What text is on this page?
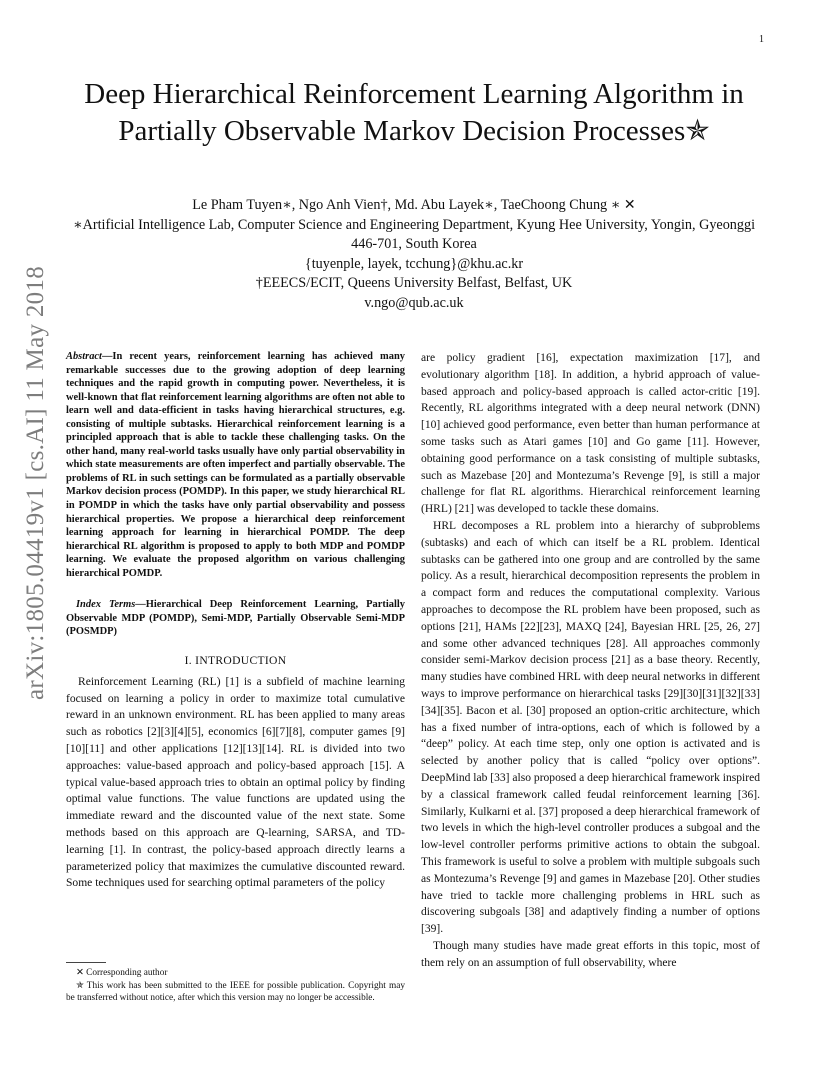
1
arXiv:1805.04419v1 [cs.AI] 11 May 2018
Deep Hierarchical Reinforcement Learning Algorithm in Partially Observable Markov Decision Processes✯
Le Pham Tuyen∗, Ngo Anh Vien†, Md. Abu Layek∗, TaeChoong Chung ∗ ✕
∗Artificial Intelligence Lab, Computer Science and Engineering Department, Kyung Hee University, Yongin, Gyeonggi 446-701, South Korea
{tuyenple, layek, tcchung}@khu.ac.kr
†EEECS/ECIT, Queens University Belfast, Belfast, UK
v.ngo@qub.ac.uk

Abstract—In recent years, reinforcement learning has achieved many remarkable successes due to the growing adoption of deep learning techniques and the rapid growth in computing power. Nevertheless, it is well-known that flat reinforcement learning algorithms are often not able to learn well and data-efficient in tasks having hierarchical structures, e.g. consisting of multiple subtasks. Hierarchical reinforcement learning is a principled approach that is able to tackle these challenging tasks. On the other hand, many real-world tasks usually have only partial observability in which state measurements are often imperfect and partially observable. The problems of RL in such settings can be formulated as a partially observable Markov decision process (POMDP). In this paper, we study hierarchical RL in POMDP in which the tasks have only partial observability and possess hierarchical properties. We propose a hierarchical deep reinforcement learning approach for learning in hierarchical POMDP. The deep hierarchical RL algorithm is proposed to apply to both MDP and POMDP learning. We evaluate the proposed algorithm on various challenging hierarchical POMDP.

Index Terms—Hierarchical Deep Reinforcement Learning, Partially Observable MDP (POMDP), Semi-MDP, Partially Observable Semi-MDP (POSMDP)

I. INTRODUCTION

Reinforcement Learning (RL) [1] is a subfield of machine learning focused on learning a policy in order to maximize total cumulative reward in an unknown environment. RL has been applied to many areas such as robotics [2][3][4][5], economics [6][7][8], computer games [9][10][11] and other applications [12][13][14]. RL is divided into two approaches: value-based approach and policy-based approach [15]. A typical value-based approach tries to obtain an optimal policy by finding optimal value functions. The value functions are updated using the immediate reward and the discounted value of the next state. Some methods based on this approach are Q-learning, SARSA, and TD-learning [1]. In contrast, the policy-based approach directly learns a parameterized policy that maximizes the cumulative discounted reward. Some techniques used for searching optimal parameters of the policy

✕ Corresponding author

✯ This work has been submitted to the IEEE for possible publication. Copyright may be transferred without notice, after which this version may no longer be accessible.

are policy gradient [16], expectation maximization [17], and evolutionary algorithm [18]. In addition, a hybrid approach of value-based approach and policy-based approach is called actor-critic [19]. Recently, RL algorithms integrated with a deep neural network (DNN) [10] achieved good performance, even better than human performance at some tasks such as Atari games [10] and Go game [11]. However, obtaining good performance on a task consisting of multiple subtasks, such as Mazebase [20] and Montezuma’s Revenge [9], is still a major challenge for flat RL algorithms. Hierarchical reinforcement learning (HRL) [21] was developed to tackle these domains.

HRL decomposes a RL problem into a hierarchy of subproblems (subtasks) and each of which can itself be a RL problem. Identical subtasks can be gathered into one group and are controlled by the same policy. As a result, hierarchical decomposition represents the problem in a compact form and reduces the computational complexity. Various approaches to decompose the RL problem have been proposed, such as options [21], HAMs [22][23], MAXQ [24], Bayesian HRL [25, 26, 27] and some other advanced techniques [28]. All approaches commonly consider semi-Markov decision process [21] as a base theory. Recently, many studies have combined HRL with deep neural networks in different ways to improve performance on hierarchical tasks [29][30][31][32][33][34][35]. Bacon et al. [30] proposed an option-critic architecture, which has a fixed number of intra-options, each of which is followed by a “deep” policy. At each time step, only one option is activated and is selected by another policy that is called “policy over options”. DeepMind lab [33] also proposed a deep hierarchical framework inspired by a classical framework called feudal reinforcement learning [36]. Similarly, Kulkarni et al. [37] proposed a deep hierarchical framework of two levels in which the high-level controller produces a subgoal and the low-level controller performs primitive actions to obtain the subgoal. This framework is useful to solve a problem with multiple subgoals such as Montezuma’s Revenge [9] and games in Mazebase [20]. Other studies have tried to tackle more challenging problems in HRL such as discovering subgoals [38] and adaptively finding a number of options [39].

Though many studies have made great efforts in this topic, most of them rely on an assumption of full observability, where
